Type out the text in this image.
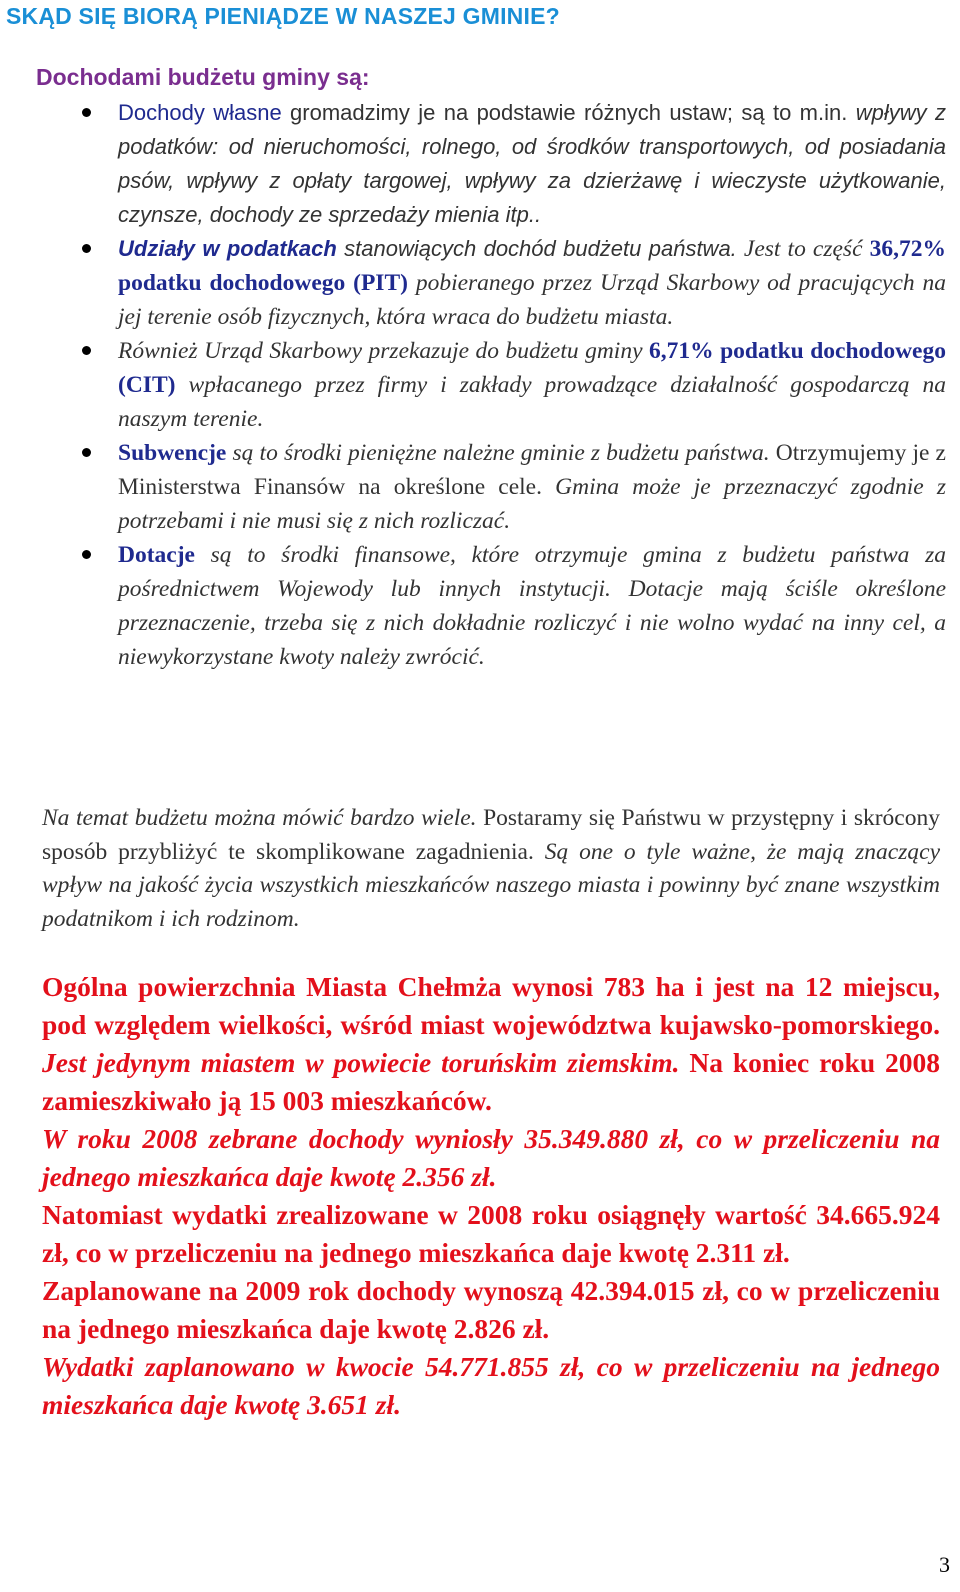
SKĄD SIĘ BIORĄ PIENIĄDZE W NASZEJ GMINIE?
Dochodami budżetu gminy są:

Dochody własne gromadzimy je na podstawie różnych ustaw; są to m.in. wpływy z podatków: od nieruchomości, rolnego, od środków transportowych, od posiadania psów, wpływy z opłaty targowej, wpływy za dzierżawę i wieczyste użytkowanie, czynsze, dochody ze sprzedaży mienia itp..

Udziały w podatkach stanowiących dochód budżetu państwa. Jest to część 36,72% podatku dochodowego (PIT) pobieranego przez Urząd Skarbowy od pracujących na jej terenie osób fizycznych, która wraca do budżetu miasta.

Również Urząd Skarbowy przekazuje do budżetu gminy 6,71% podatku dochodowego (CIT) wpłacanego przez firmy i zakłady prowadzące działalność gospodarczą na naszym terenie.

Subwencje są to środki pieniężne należne gminie z budżetu państwa. Otrzymujemy je z Ministerstwa Finansów na określone cele. Gmina może je przeznaczyć zgodnie z potrzebami i nie musi się z nich rozliczać.

Dotacje są to środki finansowe, które otrzymuje gmina z budżetu państwa za pośrednictwem Wojewody lub innych instytucji. Dotacje mają ściśle określone przeznaczenie, trzeba się z nich dokładnie rozliczyć i nie wolno wydać na inny cel, a niewykorzystane kwoty należy zwrócić.

Na temat budżetu można mówić bardzo wiele. Postaramy się Państwu w przystępny i skrócony sposób przybliżyć te skomplikowane zagadnienia. Są one o tyle ważne, że mają znaczący wpływ na jakość życia wszystkich mieszkańców naszego miasta i powinny być znane wszystkim podatnikom i ich rodzinom.

Ogólna powierzchnia Miasta Chełmża wynosi 783 ha i jest na 12 miejscu, pod względem wielkości, wśród miast województwa kujawsko-pomorskiego. Jest jedynym miastem w powiecie toruńskim ziemskim. Na koniec roku 2008 zamieszkiwało ją 15 003 mieszkańców.

W roku 2008 zebrane dochody wyniosły 35.349.880 zł, co w przeliczeniu na jednego mieszkańca daje kwotę 2.356 zł.

Natomiast wydatki zrealizowane w 2008 roku osiągnęły wartość 34.665.924 zł, co w przeliczeniu na jednego mieszkańca daje kwotę 2.311 zł.

Zaplanowane na 2009 rok dochody wynoszą 42.394.015 zł, co w przeliczeniu na jednego mieszkańca daje kwotę 2.826 zł.

Wydatki zaplanowano w kwocie 54.771.855 zł, co w przeliczeniu na jednego mieszkańca daje kwotę 3.651 zł.

3
